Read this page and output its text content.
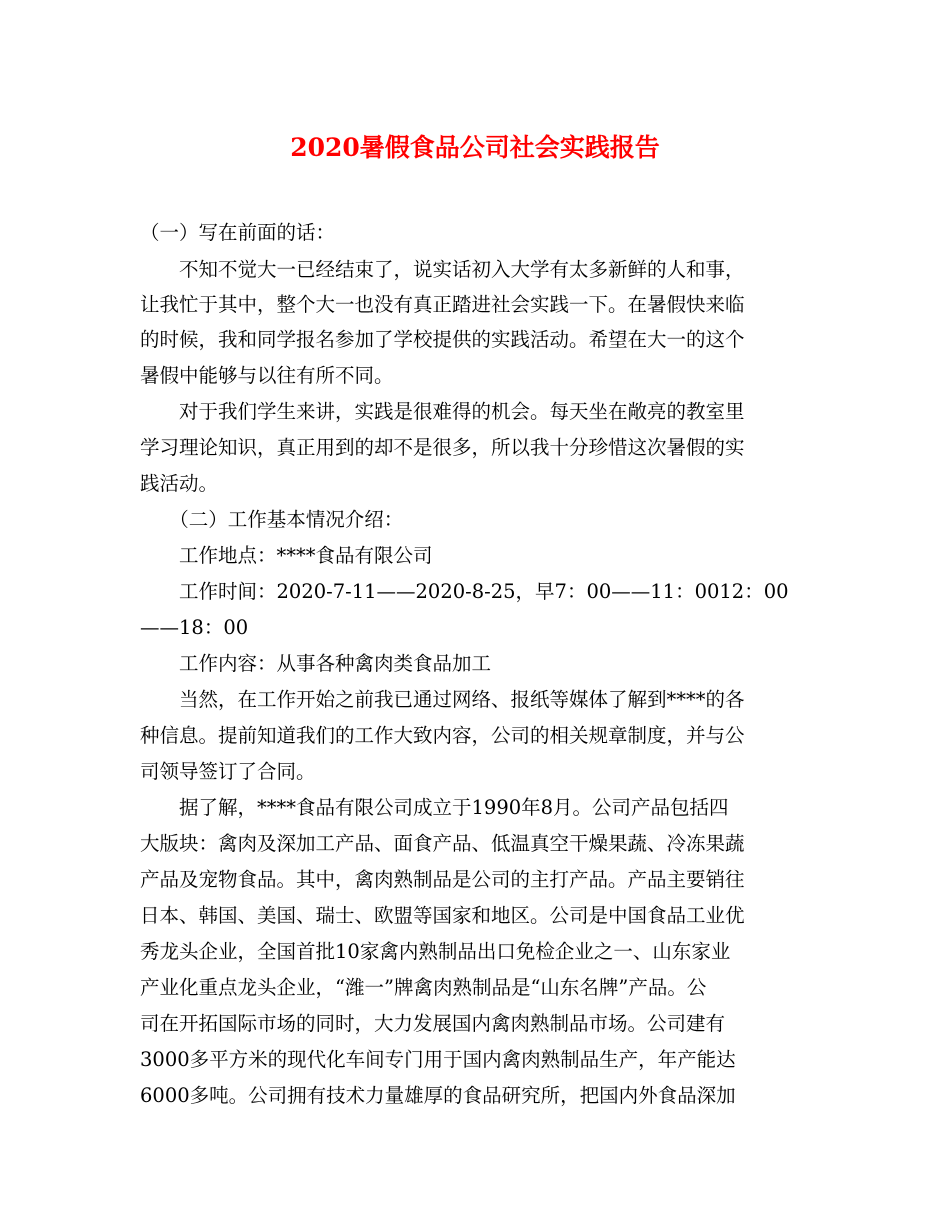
2020暑假食品公司社会实践报告
（一）写在前面的话：
　　不知不觉大一已经结束了，说实话初入大学有太多新鲜的人和事，
让我忙于其中，整个大一也没有真正踏进社会实践一下。在暑假快来临
的时候，我和同学报名参加了学校提供的实践活动。希望在大一的这个
暑假中能够与以往有所不同。
　　对于我们学生来讲，实践是很难得的机会。每天坐在敞亮的教室里
学习理论知识，真正用到的却不是很多，所以我十分珍惜这次暑假的实
践活动。
　　（二）工作基本情况介绍：
　　工作地点：****食品有限公司
　　工作时间：2020-7-11——2020-8-25，早7：00——11：0012：00
——18：00
　　工作内容：从事各种禽肉类食品加工
　　当然，在工作开始之前我已通过网络、报纸等媒体了解到****的各
种信息。提前知道我们的工作大致内容，公司的相关规章制度，并与公
司领导签订了合同。
　　据了解，****食品有限公司成立于1990年8月。公司产品包括四
大版块：禽肉及深加工产品、面食产品、低温真空干燥果蔬、冷冻果蔬
产品及宠物食品。其中，禽肉熟制品是公司的主打产品。产品主要销往
日本、韩国、美国、瑞士、欧盟等国家和地区。公司是中国食品工业优
秀龙头企业，全国首批10家禽内熟制品出口免检企业之一、山东家业
产业化重点龙头企业，“潍一”牌禽肉熟制品是“山东名牌”产品。公
司在开拓国际市场的同时，大力发展国内禽肉熟制品市场。公司建有
3000多平方米的现代化车间专门用于国内禽肉熟制品生产，年产能达
6000多吨。公司拥有技术力量雄厚的食品研究所，把国内外食品深加
